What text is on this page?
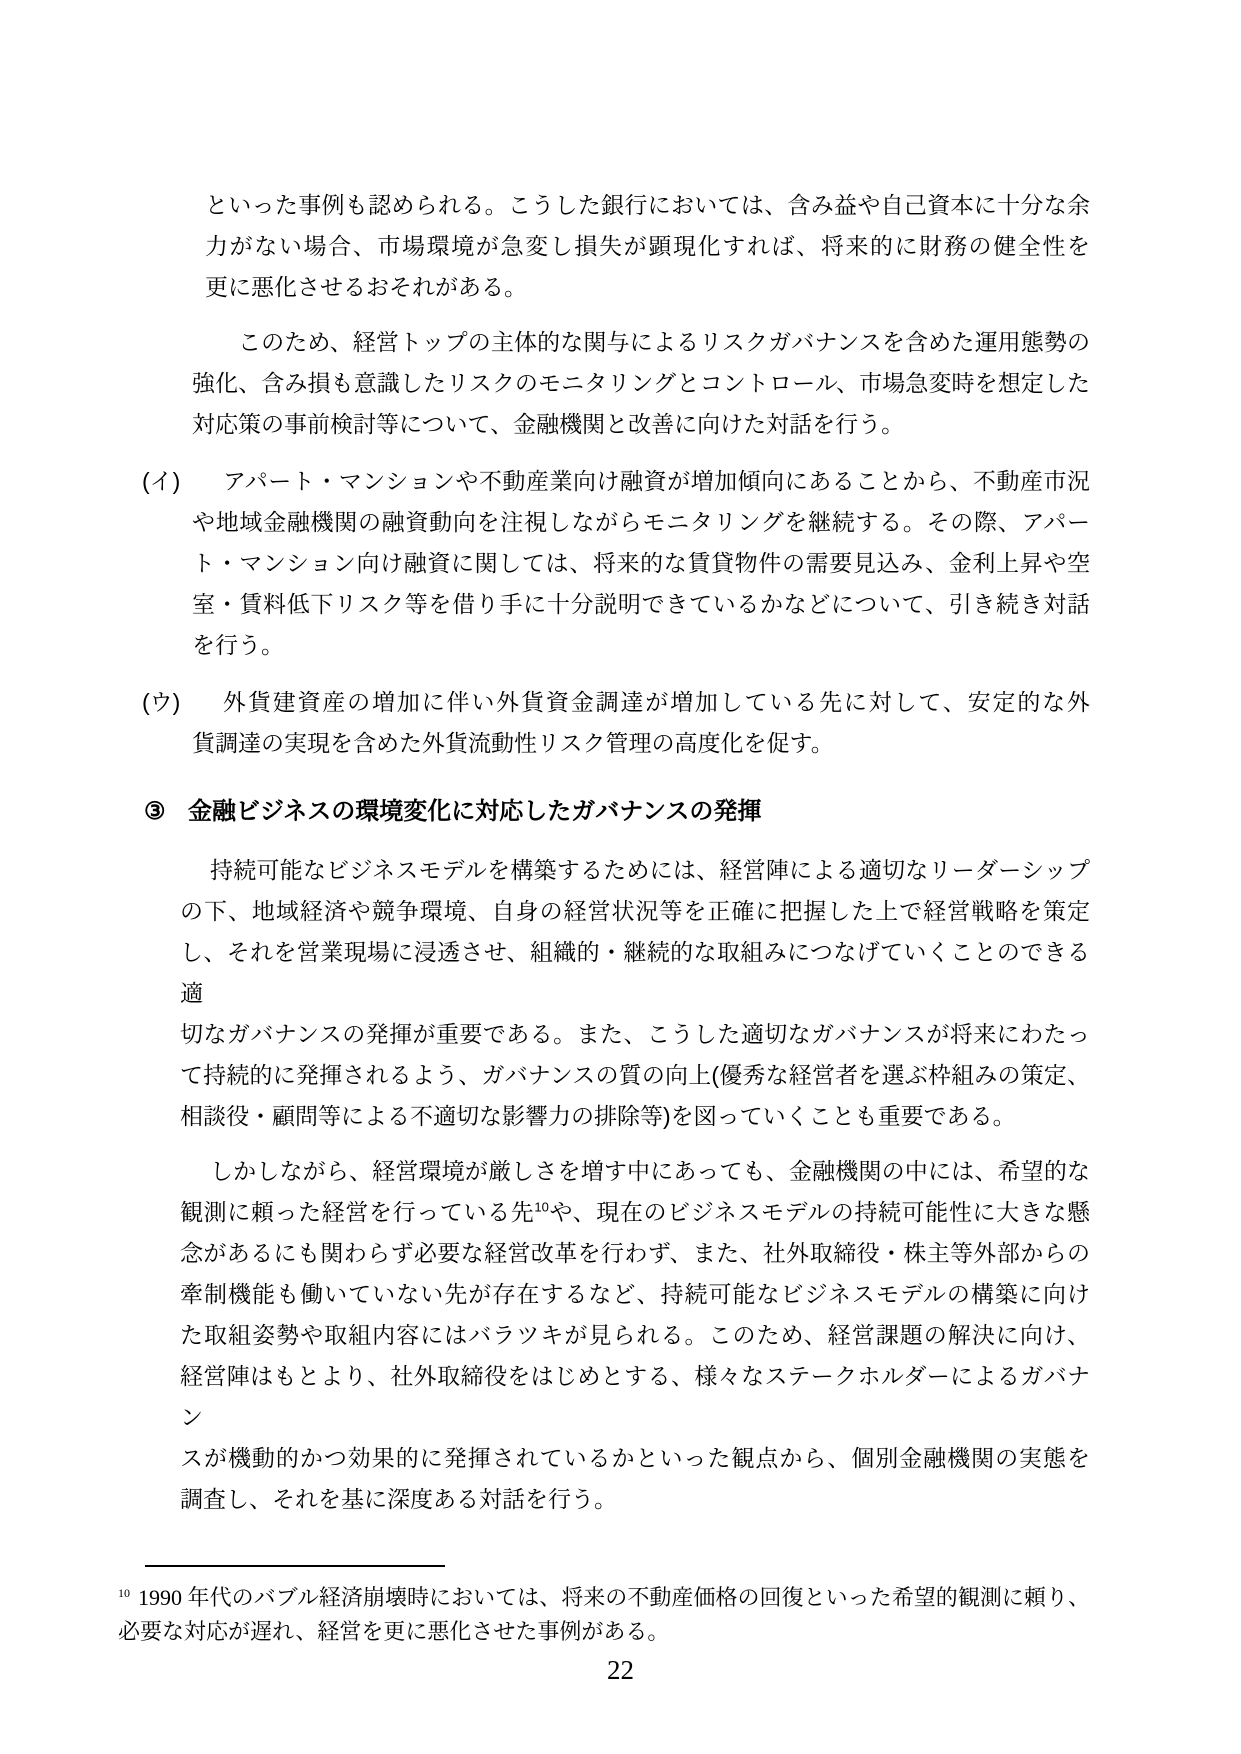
といった事例も認められる。こうした銀行においては、含み益や自己資本に十分な余
力がない場合、市場環境が急変し損失が顕現化すれば、将来的に財務の健全性を
更に悪化させるおそれがある。
このため、経営トップの主体的な関与によるリスクガバナンスを含めた運用態勢の
強化、含み損も意識したリスクのモニタリングとコントロール、市場急変時を想定した
対応策の事前検討等について、金融機関と改善に向けた対話を行う。
(イ)	アパート・マンションや不動産業向け融資が増加傾向にあることから、不動産市況
や地域金融機関の融資動向を注視しながらモニタリングを継続する。その際、アパー
ト・マンション向け融資に関しては、将来的な賃貸物件の需要見込み、金利上昇や空
室・賃料低下リスク等を借り手に十分説明できているかなどについて、引き続き対話
を行う。
(ウ)	外貨建資産の増加に伴い外貨資金調達が増加している先に対して、安定的な外
貨調達の実現を含めた外貨流動性リスク管理の高度化を促す。
③ 金融ビジネスの環境変化に対応したガバナンスの発揮
持続可能なビジネスモデルを構築するためには、経営陣による適切なリーダーシップ
の下、地域経済や競争環境、自身の経営状況等を正確に把握した上で経営戦略を策定
し、それを営業現場に浸透させ、組織的・継続的な取組みにつなげていくことのできる適
切なガバナンスの発揮が重要である。また、こうした適切なガバナンスが将来にわたっ
て持続的に発揮されるよう、ガバナンスの質の向上(優秀な経営者を選ぶ枠組みの策定、
相談役・顧問等による不適切な影響力の排除等)を図っていくことも重要である。
しかしながら、経営環境が厳しさを増す中にあっても、金融機関の中には、希望的な
観測に頼った経営を行っている先$^{10}$や、現在のビジネスモデルの持続可能性に大きな懸
念があるにも関わらず必要な経営改革を行わず、また、社外取締役・株主等外部からの
牽制機能も働いていない先が存在するなど、持続可能なビジネスモデルの構築に向け
た取組姿勢や取組内容にはバラツキが見られる。このため、経営課題の解決に向け、
経営陣はもとより、社外取締役をはじめとする、様々なステークホルダーによるガバナン
スが機動的かつ効果的に発揮されているかといった観点から、個別金融機関の実態を
調査し、それを基に深度ある対話を行う。
$^{10}$ 1990 年代のバブル経済崩壊時においては、将来の不動産価格の回復といった希望的観測に頼り、
必要な対応が遅れ、経営を更に悪化させた事例がある。
22
